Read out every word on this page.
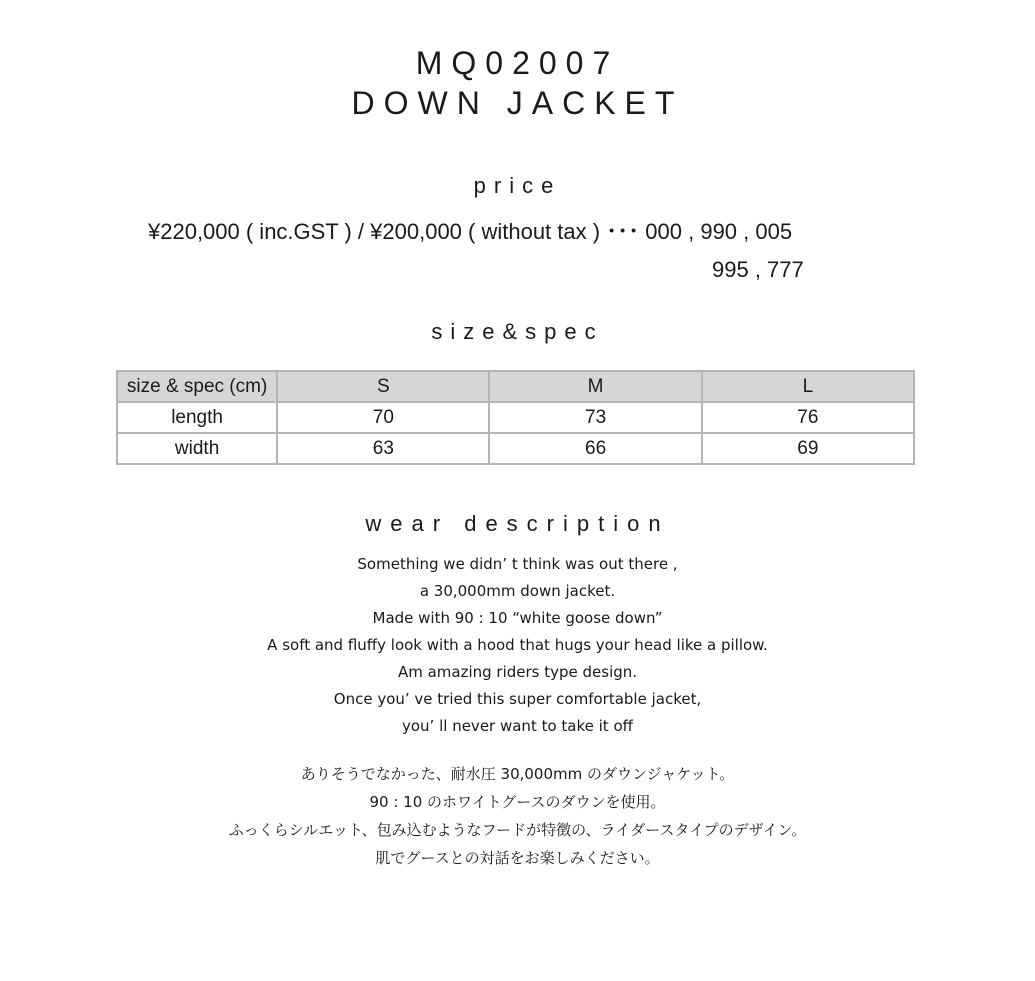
MQ02007
DOWN JACKET
price
¥220,000 ( inc.GST ) / ¥200,000 ( without tax ) ･･･ 000 , 990 , 005
995 , 777
size&spec
size & spec (cm)	S	M	L
length	70	73	76
width	63	66	69
wear description
Something we didn’ t think was out there ,
a 30,000mm down jacket.
Made with 90 : 10 “white goose down”
A soft and fluffy look with a hood that hugs your head like a pillow.
Am amazing riders type design.
Once you’ ve tried this super comfortable jacket,
you’ ll never want to take it off
ありそうでなかった、耐水圧 30,000mm のダウンジャケット。
90 : 10 のホワイトグースのダウンを使用。
ふっくらシルエット、包み込むようなフードが特徴の、ライダースタイプのデザイン。
肌でグースとの対話をお楽しみください。
